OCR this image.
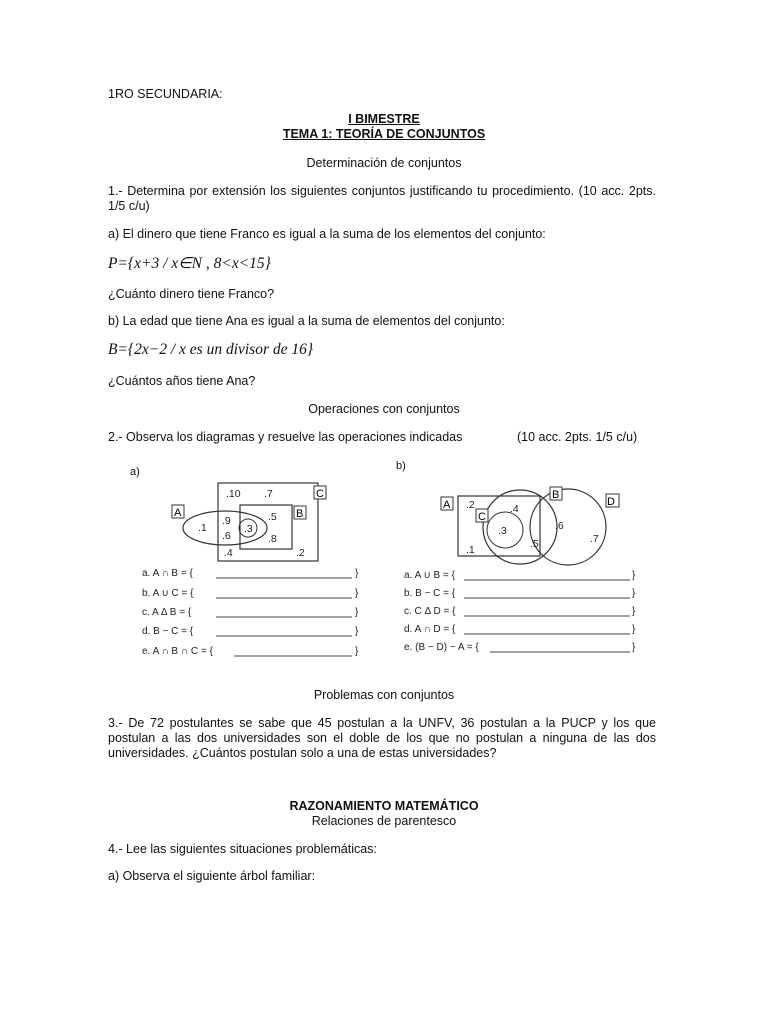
1RO SECUNDARIA:
I BIMESTRE
TEMA 1: TEORÍA DE CONJUNTOS
Determinación de conjuntos
1.- Determina por extensión los siguientes conjuntos justificando tu procedimiento. (10 acc. 2pts. 1/5 c/u)
a) El dinero que tiene Franco es igual a la suma de los elementos del conjunto:
P={x+3 / x∈N , 8<x<15}
¿Cuánto dinero tiene Franco?
b) La edad que tiene Ana es igual a la suma de elementos del conjunto:
B={2x−2 / x es un divisor de 16}
¿Cuántos años tiene Ana?
Operaciones con conjuntos
2.- Observa los diagramas y resuelve las operaciones indicadas	(10 acc. 2pts. 1/5 c/u)
a)
A	B
C
.10 .7
.1
.9	.5
.3
.6	.8
.4	.2
a. A ∩ B = {	}
b. A ∪ C = {	}
c. A Δ B = {	}
d. B − C = {	}
e. A ∩ B ∩ C = {	}
b)
A
B
C
D
.2	.4
.3	.6
.5	.7
.1
a. A ∪ B = {	}
b. B − C = {	}
c. C Δ D = {	}
d. A ∩ D = {	}
e. (B − D) − A = {	}
Problemas con conjuntos
3.- De 72 postulantes se sabe que 45 postulan a la UNFV, 36 postulan a la PUCP y los que postulan a las dos universidades son el doble de los que no postulan a ninguna de las dos universidades. ¿Cuántos postulan solo a una de estas universidades?
RAZONAMIENTO MATEMÁTICO
Relaciones de parentesco
4.- Lee las siguientes situaciones problemáticas:
a) Observa el siguiente árbol familiar:
